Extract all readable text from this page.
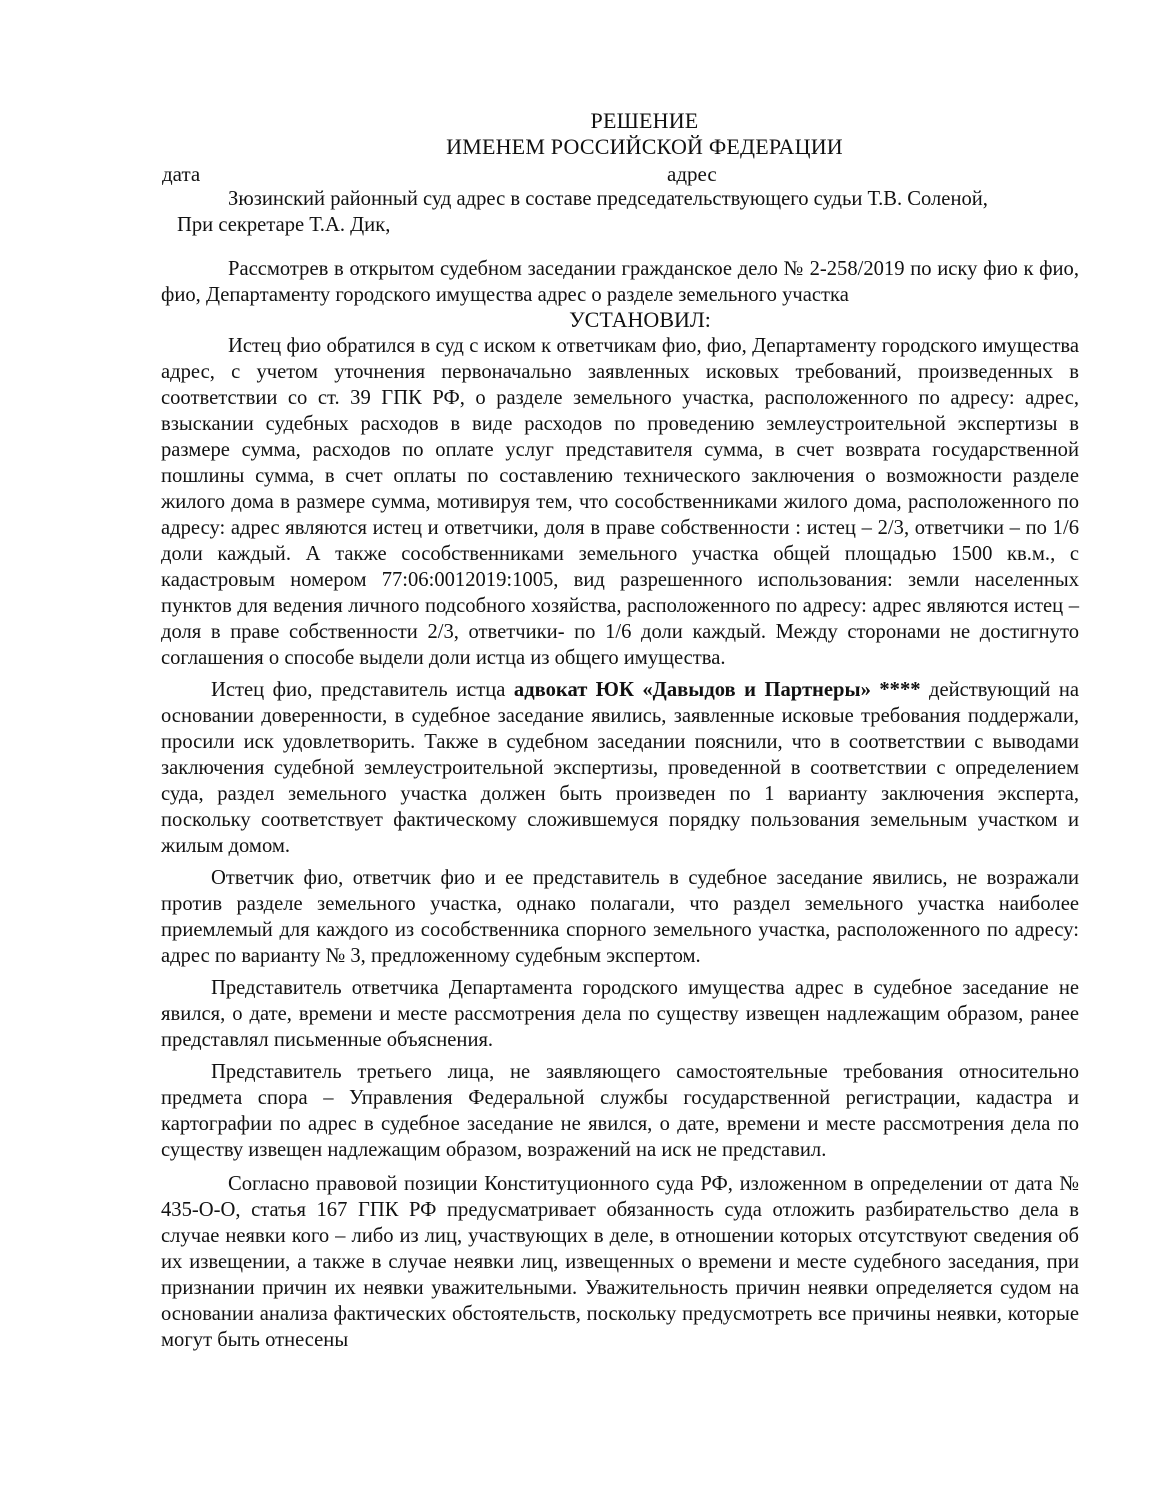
РЕШЕНИЕ
ИМЕНЕМ РОССИЙСКОЙ ФЕДЕРАЦИИ
дата	адрес

Зюзинский районный суд адрес в составе председательствующего судьи Т.В. Соленой,

При секретаре Т.А. Дик,

Рассмотрев в открытом судебном заседании гражданское дело № 2-258/2019 по иску фио к фио, фио, Департаменту городского имущества адрес о разделе земельного участка

УСТАНОВИЛ:

Истец фио обратился в суд с иском к ответчикам фио, фио, Департаменту городского имущества адрес, с учетом уточнения первоначально заявленных исковых требований, произведенных в соответствии со ст. 39 ГПК РФ, о разделе земельного участка, расположенного по адресу: адрес, взыскании судебных расходов в виде расходов по проведению землеустроительной экспертизы в размере сумма, расходов по оплате услуг представителя сумма, в счет возврата государственной пошлины сумма, в счет оплаты по составлению технического заключения о возможности разделе жилого дома в размере сумма, мотивируя тем, что сособственниками жилого дома, расположенного по адресу: адрес являются истец и ответчики, доля в праве собственности : истец – 2/3, ответчики – по 1/6 доли каждый. А также сособственниками земельного участка общей площадью 1500 кв.м., с кадастровым номером 77:06:0012019:1005, вид разрешенного использования: земли населенных пунктов для ведения личного подсобного хозяйства, расположенного по адресу: адрес являются истец – доля в праве собственности 2/3, ответчики- по 1/6 доли каждый. Между сторонами не достигнуто соглашения о способе выдели доли истца из общего имущества.

Истец фио, представитель истца адвокат ЮК «Давыдов и Партнеры» **** действующий на основании доверенности, в судебное заседание явились, заявленные исковые требования поддержали, просили иск удовлетворить. Также в судебном заседании пояснили, что в соответствии с выводами заключения судебной землеустроительной экспертизы, проведенной в соответствии с определением суда, раздел земельного участка должен быть произведен по 1 варианту заключения эксперта, поскольку соответствует фактическому сложившемуся порядку пользования земельным участком и жилым домом.

Ответчик фио, ответчик фио и ее представитель в судебное заседание явились, не возражали против разделе земельного участка, однако полагали, что раздел земельного участка наиболее приемлемый для каждого из сособственника спорного земельного участка, расположенного по адресу: адрес по варианту № 3, предложенному судебным экспертом.

Представитель ответчика Департамента городского имущества адрес в судебное заседание не явился, о дате, времени и месте рассмотрения дела по существу извещен надлежащим образом, ранее представлял письменные объяснения.

Представитель третьего лица, не заявляющего самостоятельные требования относительно предмета спора – Управления Федеральной службы государственной регистрации, кадастра и картографии по адрес в судебное заседание не явился, о дате, времени и месте рассмотрения дела по существу извещен надлежащим образом, возражений на иск не представил.

Согласно правовой позиции Конституционного суда РФ, изложенном в определении от дата № 435-О-О, статья 167 ГПК РФ предусматривает обязанность суда отложить разбирательство дела в случае неявки кого – либо из лиц, участвующих в деле, в отношении которых отсутствуют сведения об их извещении, а также в случае неявки лиц, извещенных о времени и месте судебного заседания, при признании причин их неявки уважительными. Уважительность причин неявки определяется судом на основании анализа фактических обстоятельств, поскольку предусмотреть все причины неявки, которые могут быть отнесены
